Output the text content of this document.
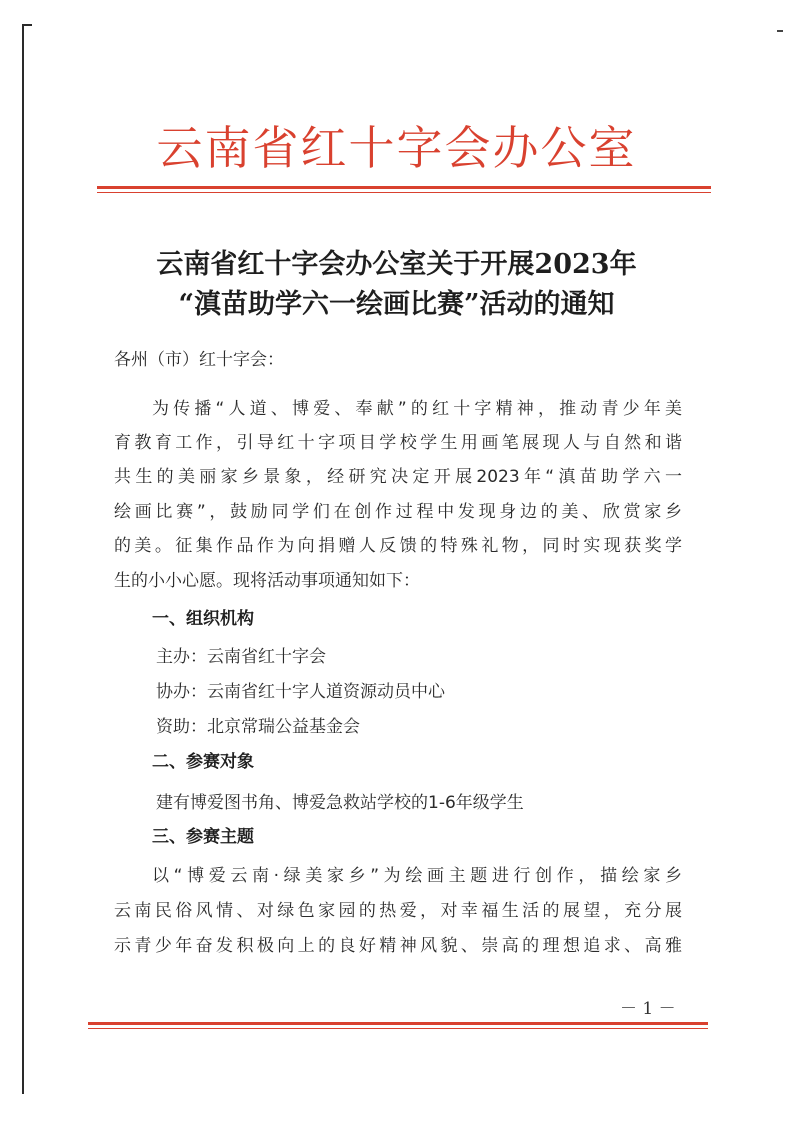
云南省红十字会办公室
云南省红十字会办公室关于开展2023年
“滇苗助学六一绘画比赛”活动的通知
各州（市）红十字会：
为传播“人道、博爱、奉献”的红十字精神，推动青少年美
育教育工作，引导红十字项目学校学生用画笔展现人与自然和谐
共生的美丽家乡景象，经研究决定开展2023年“滇苗助学六一
绘画比赛”，鼓励同学们在创作过程中发现身边的美、欣赏家乡
的美。征集作品作为向捐赠人反馈的特殊礼物，同时实现获奖学
生的小小心愿。现将活动事项通知如下：
一、组织机构
主办：云南省红十字会
协办：云南省红十字人道资源动员中心
资助：北京常瑞公益基金会
二、参赛对象
建有博爱图书角、博爱急救站学校的1-6年级学生
三、参赛主题
以“博爱云南·绿美家乡”为绘画主题进行创作，描绘家乡
云南民俗风情、对绿色家园的热爱，对幸福生活的展望，充分展
示青少年奋发积极向上的良好精神风貌、崇高的理想追求、高雅
－ 1 －
